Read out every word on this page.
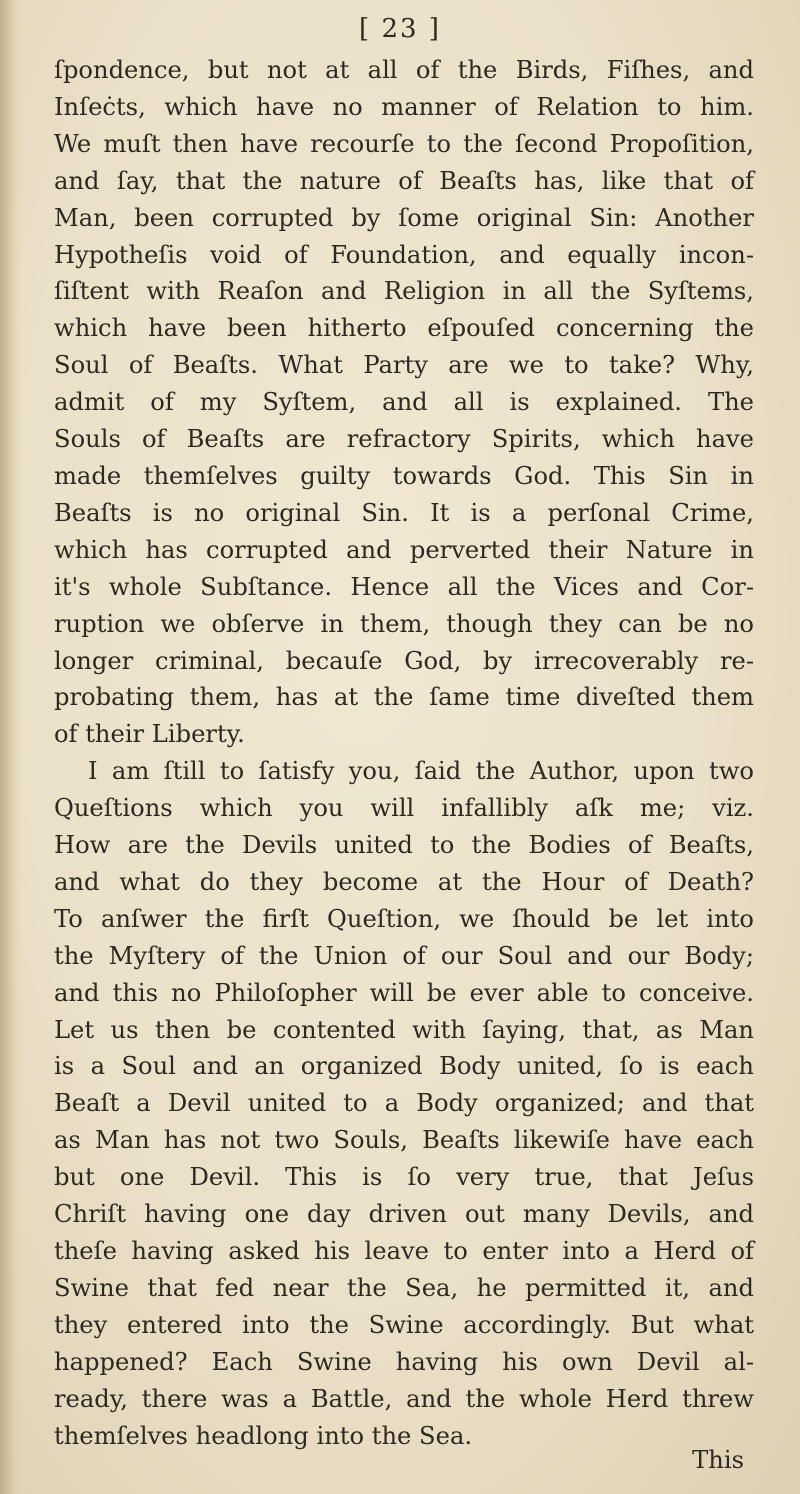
[ 23 ]
ſpondence, but not at all of the Birds, Fiſhes, and
Inſeċts, which have no manner of Relation to him.
We muſt then have recourſe to the ſecond Propoſition,
and ſay, that the nature of Beaſts has, like that of
Man, been corrupted by ſome original Sin: Another
Hypotheſis void of Foundation, and equally incon-
ſiſtent with Reaſon and Religion in all the Syſtems,
which have been hitherto eſpouſed concerning the
Soul of Beaſts. What Party are we to take? Why,
admit of my Syſtem, and all is explained. The
Souls of Beaſts are refractory Spirits, which have
made themſelves guilty towards God. This Sin in
Beaſts is no original Sin. It is a perſonal Crime,
which has corrupted and perverted their Nature in
it's whole Subſtance. Hence all the Vices and Cor-
ruption we obſerve in them, though they can be no
longer criminal, becauſe God, by irrecoverably re-
probating them, has at the ſame time diveſted them
of their Liberty.
I am ſtill to ſatisfy you, ſaid the Author, upon two
Queſtions which you will infallibly aſk me; viz.
How are the Devils united to the Bodies of Beaſts,
and what do they become at the Hour of Death?
To anſwer the firſt Queſtion, we ſhould be let into
the Myſtery of the Union of our Soul and our Body;
and this no Philoſopher will be ever able to conceive.
Let us then be contented with ſaying, that, as Man
is a Soul and an organized Body united, ſo is each
Beaſt a Devil united to a Body organized; and that
as Man has not two Souls, Beaſts likewiſe have each
but one Devil. This is ſo very true, that Jeſus
Chriſt having one day driven out many Devils, and
theſe having asked his leave to enter into a Herd of
Swine that fed near the Sea, he permitted it, and
they entered into the Swine accordingly. But what
happened? Each Swine having his own Devil al-
ready, there was a Battle, and the whole Herd threw
themſelves headlong into the Sea.
This
